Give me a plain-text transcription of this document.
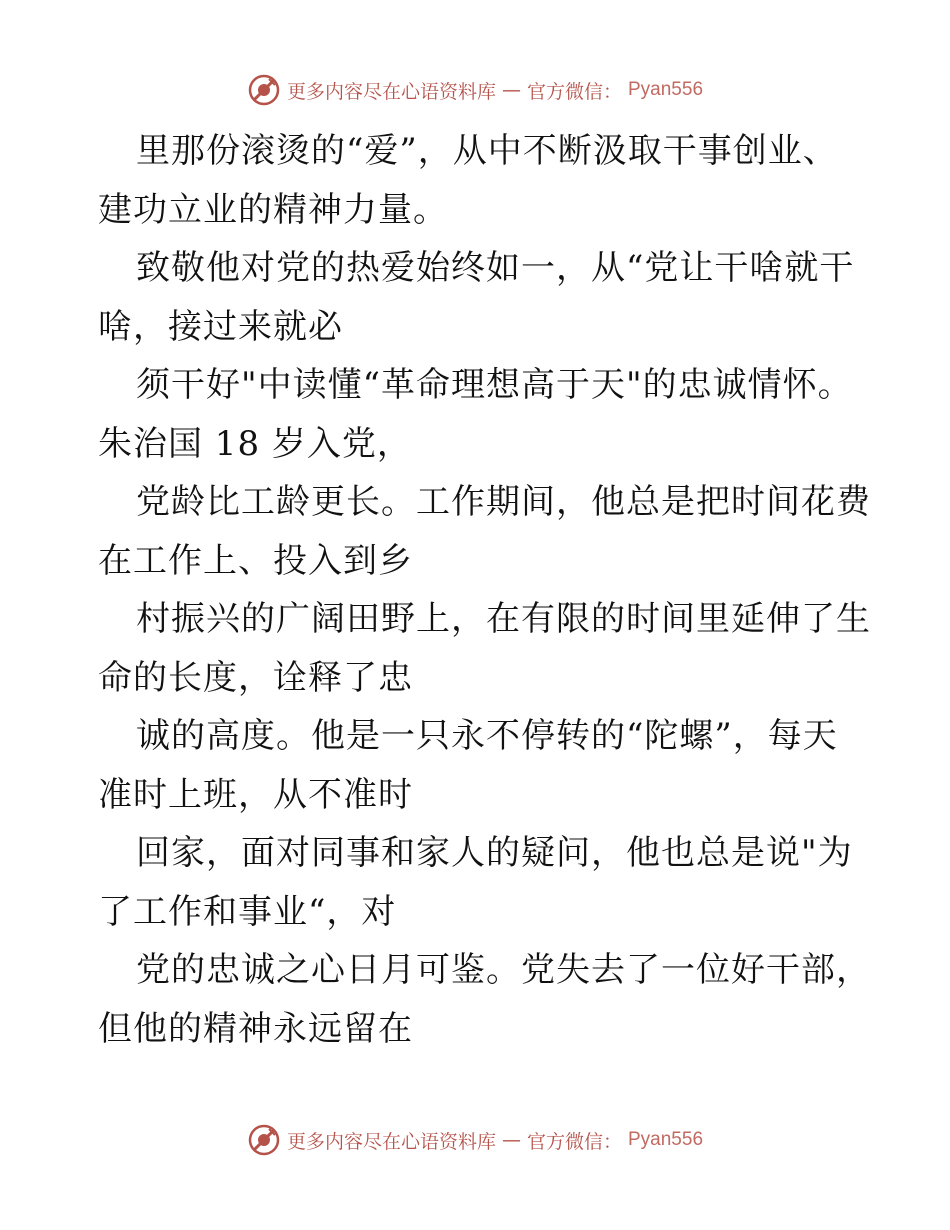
更多内容尽在心语资料库 — 官方微信： Pyan556
里那份滚烫的“爱”，从中不断汲取干事创业、
建功立业的精神力量。
致敬他对党的热爱始终如一，从“党让干啥就干
啥，接过来就必
须干好"中读懂“革命理想高于天"的忠诚情怀。
朱治国 18 岁入党，
党龄比工龄更长。工作期间，他总是把时间花费
在工作上、投入到乡
村振兴的广阔田野上，在有限的时间里延伸了生
命的长度，诠释了忠
诚的高度。他是一只永不停转的“陀螺”，每天
准时上班，从不准时
回家，面对同事和家人的疑问，他也总是说"为
了工作和事业“，对
党的忠诚之心日月可鉴。党失去了一位好干部，
但他的精神永远留在
更多内容尽在心语资料库 — 官方微信： Pyan556
